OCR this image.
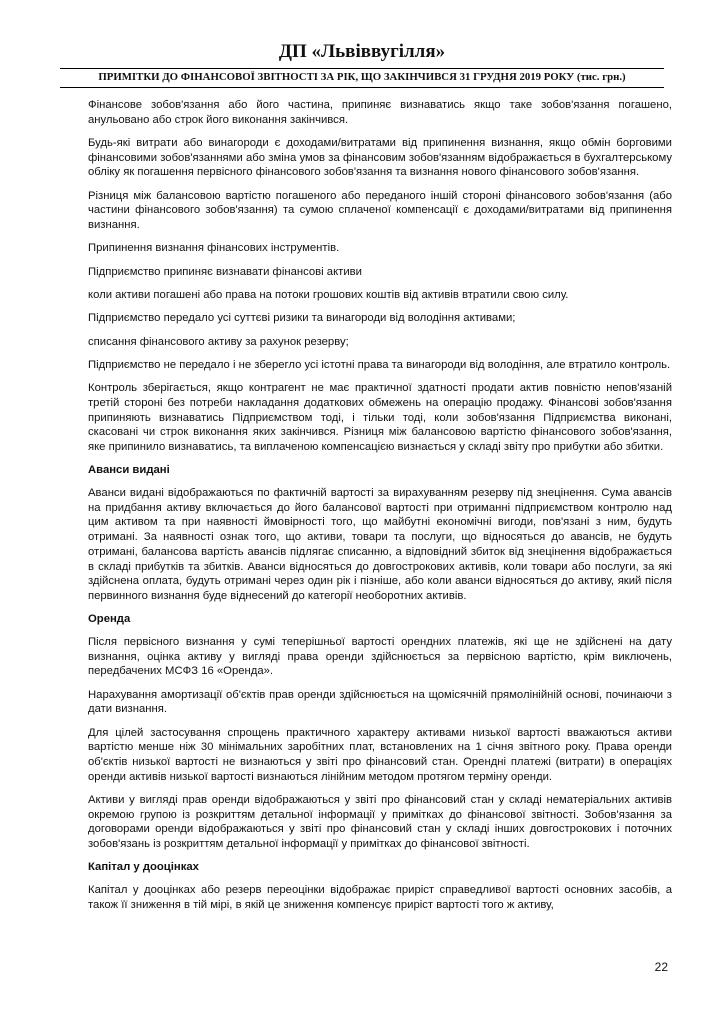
ДП «Львіввугілля»
ПРИМІТКИ ДО ФІНАНСОВОЇ ЗВІТНОСТІ ЗА РІК, ЩО ЗАКІНЧИВСЯ 31 ГРУДНЯ 2019 РОКУ (тис. грн.)

Фінансове зобов'язання або його частина, припиняє визнаватись якщо таке зобов'язання погашено, анульовано або строк його виконання закінчився.

Будь-які витрати або винагороди є доходами/витратами від припинення визнання, якщо обмін борговими фінансовими зобов'язаннями або зміна умов за фінансовим зобов'язанням відображається в бухгалтерському обліку як погашення первісного фінансового зобов'язання та визнання нового фінансового зобов'язання.

Різниця між балансовою вартістю погашеного або переданого іншій стороні фінансового зобов'язання (або частини фінансового зобов'язання) та сумою сплаченої компенсації є доходами/витратами від припинення визнання.

Припинення визнання фінансових інструментів.

Підприємство припиняє визнавати фінансові активи

коли активи погашені або права на потоки грошових коштів від активів втратили свою силу.

Підприємство передало усі суттєві ризики та винагороди від володіння активами;

списання фінансового активу за рахунок резерву;

Підприємство не передало і не зберегло усі істотні права та винагороди від володіння, але втратило контроль.

Контроль зберігається, якщо контрагент не має практичної здатності продати актив повністю непов'язаній третій стороні без потреби накладання додаткових обмежень на операцію продажу. Фінансові зобов'язання припиняють визнаватись Підприємством тоді, і тільки тоді, коли зобов'язання Підприємства виконані, скасовані чи строк виконання яких закінчився. Різниця між балансовою вартістю фінансового зобов'язання, яке припинило визнаватись, та виплаченою компенсацією визнається у складі звіту про прибутки або збитки.

Аванси видані

Аванси видані відображаються по фактичній вартості за вирахуванням резерву під знецінення. Сума авансів на придбання активу включається до його балансової вартості при отриманні підприємством контролю над цим активом та при наявності ймовірності того, що майбутні економічні вигоди, пов'язані з ним, будуть отримані. За наявності ознак того, що активи, товари та послуги, що відносяться до авансів, не будуть отримані, балансова вартість авансів підлягає списанню, а відповідний збиток від знецінення відображається в складі прибутків та збитків. Аванси відносяться до довгострокових активів, коли товари або послуги, за які здійснена оплата, будуть отримані через один рік і пізніше, або коли аванси відносяться до активу, який після первинного визнання буде віднесений до категорії необоротних активів.

Оренда

Після первісного визнання у сумі теперішньої вартості орендних платежів, які ще не здійснені на дату визнання, оцінка активу у вигляді права оренди здійснюється за первісною вартістю, крім виключень, передбачених МСФЗ 16 «Оренда».

Нарахування амортизації об'єктів прав оренди здійснюється на щомісячній прямолінійній основі, починаючи з дати визнання.

Для цілей застосування спрощень практичного характеру активами низької вартості вважаються активи вартістю менше ніж 30 мінімальних заробітних плат, встановлених на 1 січня звітного року. Права оренди об'єктів низької вартості не визнаються у звіті про фінансовий стан. Орендні платежі (витрати) в операціях оренди активів низької вартості визнаються лінійним методом протягом терміну оренди.

Активи у вигляді прав оренди відображаються у звіті про фінансовий стан у складі нематеріальних активів окремою групою із розкриттям детальної інформації у примітках до фінансової звітності. Зобов'язання за договорами оренди відображаються у звіті про фінансовий стан у складі інших довгострокових і поточних зобов'язань із розкриттям детальної інформації у примітках до фінансової звітності.

Капітал у дооцінках

Капітал у дооцінках або резерв переоцінки відображає приріст справедливої вартості основних засобів, а також її зниження в тій мірі, в якій це зниження компенсує приріст вартості того ж активу,

22
